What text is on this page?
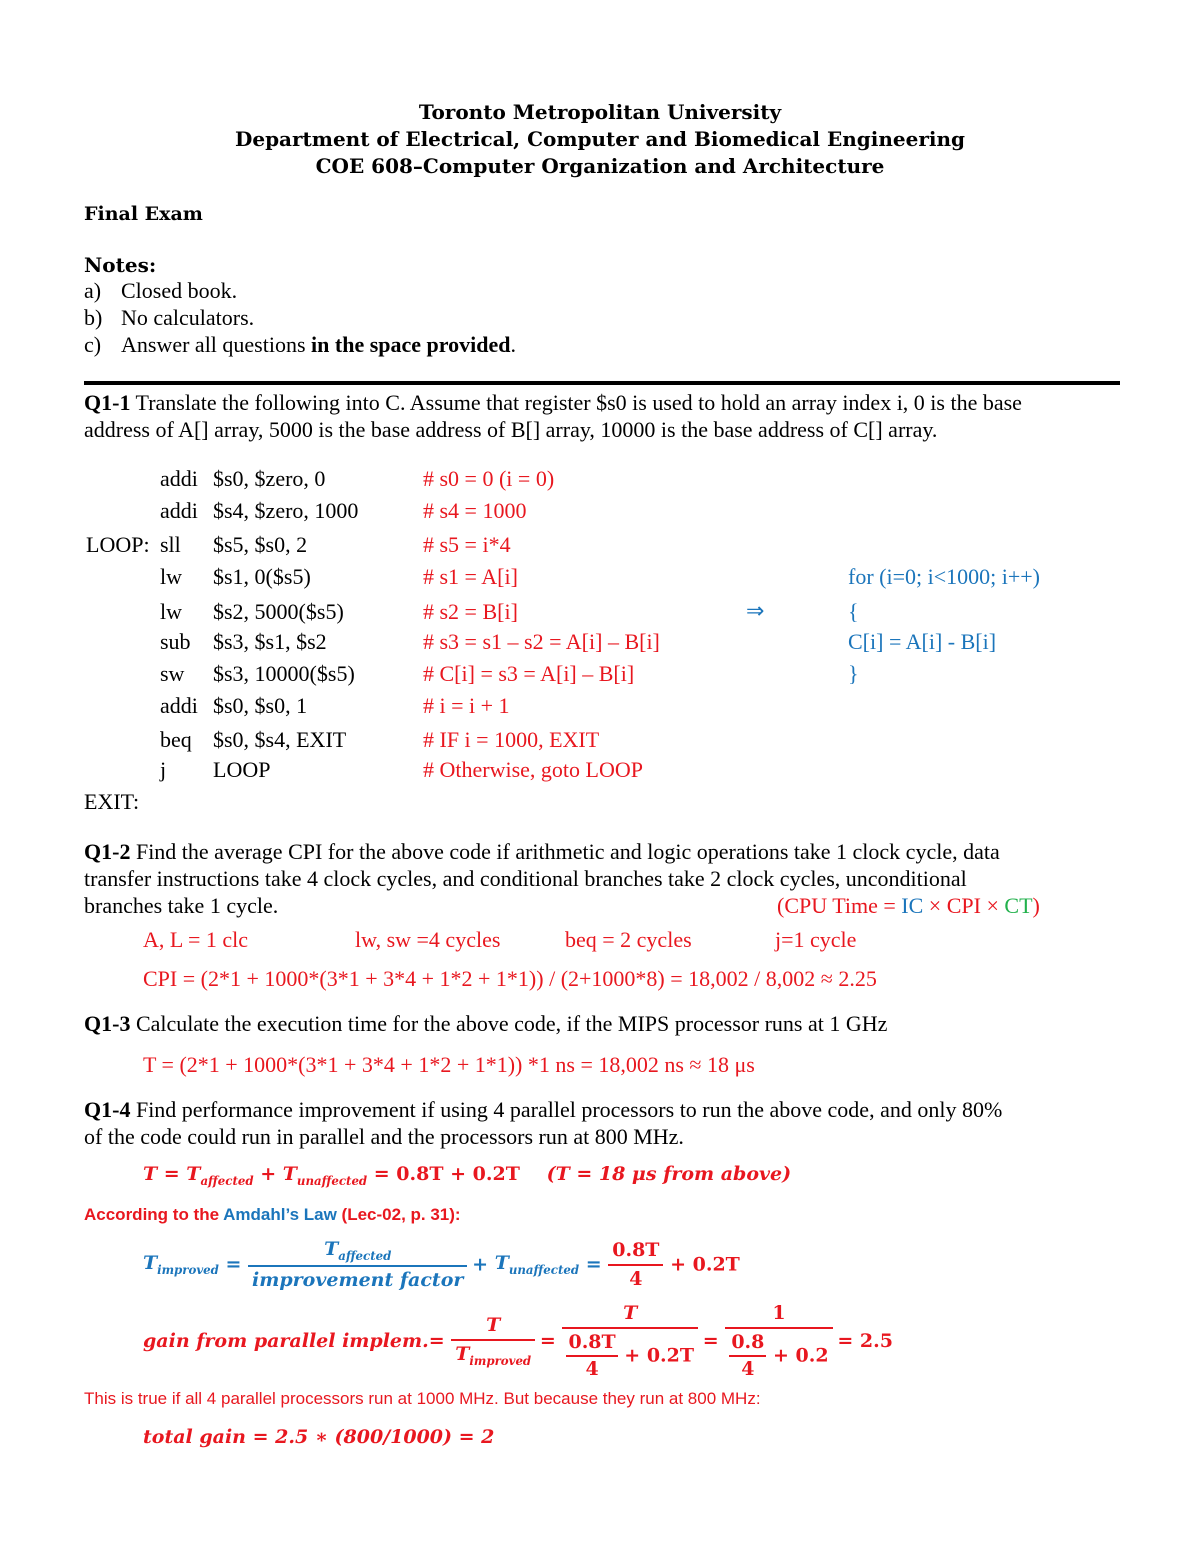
Toronto Metropolitan University
Department of Electrical, Computer and Biomedical Engineering
COE 608–Computer Organization and Architecture
Final Exam
Notes:
a) Closed book.
b) No calculators.
c) Answer all questions in the space provided.
Q1-1 Translate the following into C. Assume that register $s0 is used to hold an array index i, 0 is the base
address of A[] array, 5000 is the base address of B[] array, 10000 is the base address of C[] array.
addi $s0, $zero, 0	# s0 = 0 (i = 0)
addi $s4, $zero, 1000	# s4 = 1000
LOOP: sll $s5, $s0, 2	# s5 = i*4
lw $s1, 0($s5)	# s1 = A[i]
lw $s2, 5000($s5)	# s2 = B[i]
sub $s3, $s1, $s2	# s3 = s1 – s2 = A[i] – B[i]
sw $s3, 10000($s5)	# C[i] = s3 = A[i] – B[i]
addi $s0, $s0, 1	# i = i + 1
beq $s0, $s4, EXIT	# IF i = 1000, EXIT
j LOOP	# Otherwise, goto LOOP
EXIT:
⇒
for (i=0; i<1000; i++)
{
C[i] = A[i] - B[i]
}
Q1-2 Find the average CPI for the above code if arithmetic and logic operations take 1 clock cycle, data
transfer instructions take 4 clock cycles, and conditional branches take 2 clock cycles, unconditional
branches take 1 cycle.	(CPU Time = IC × CPI × CT)
A, L = 1 clc	lw, sw =4 cycles	beq = 2 cycles	j=1 cycle
CPI = (2*1 + 1000*(3*1 + 3*4 + 1*2 + 1*1)) / (2+1000*8) = 18,002 / 8,002 ≈ 2.25
Q1-3 Calculate the execution time for the above code, if the MIPS processor runs at 1 GHz
T = (2*1 + 1000*(3*1 + 3*4 + 1*2 + 1*1)) *1 ns = 18,002 ns ≈ 18 μs
Q1-4 Find performance improvement if using 4 parallel processors to run the above code, and only 80%
of the code could run in parallel and the processors run at 800 MHz.
$T = T_{affected} + T_{unaffected} = 0.8T + 0.2T$ (T = 18 μs from above)
According to the Amdahl’s Law (Lec-02, p. 31):
$T_{improved} = \frac{T_{affected}}{\text{improvement factor}} + T_{unaffected} = \frac{0.8T}{4} + 0.2T$
gain from parallel implem.= $\frac{T}{T_{improved}} = \frac{T}{\frac{0.8T}{4} + 0.2T} = \frac{1}{\frac{0.8}{4} + 0.2} = 2.5$
This is true if all 4 parallel processors run at 1000 MHz. But because they run at 800 MHz:
total gain = 2.5 ∗ (800/1000) = 2
